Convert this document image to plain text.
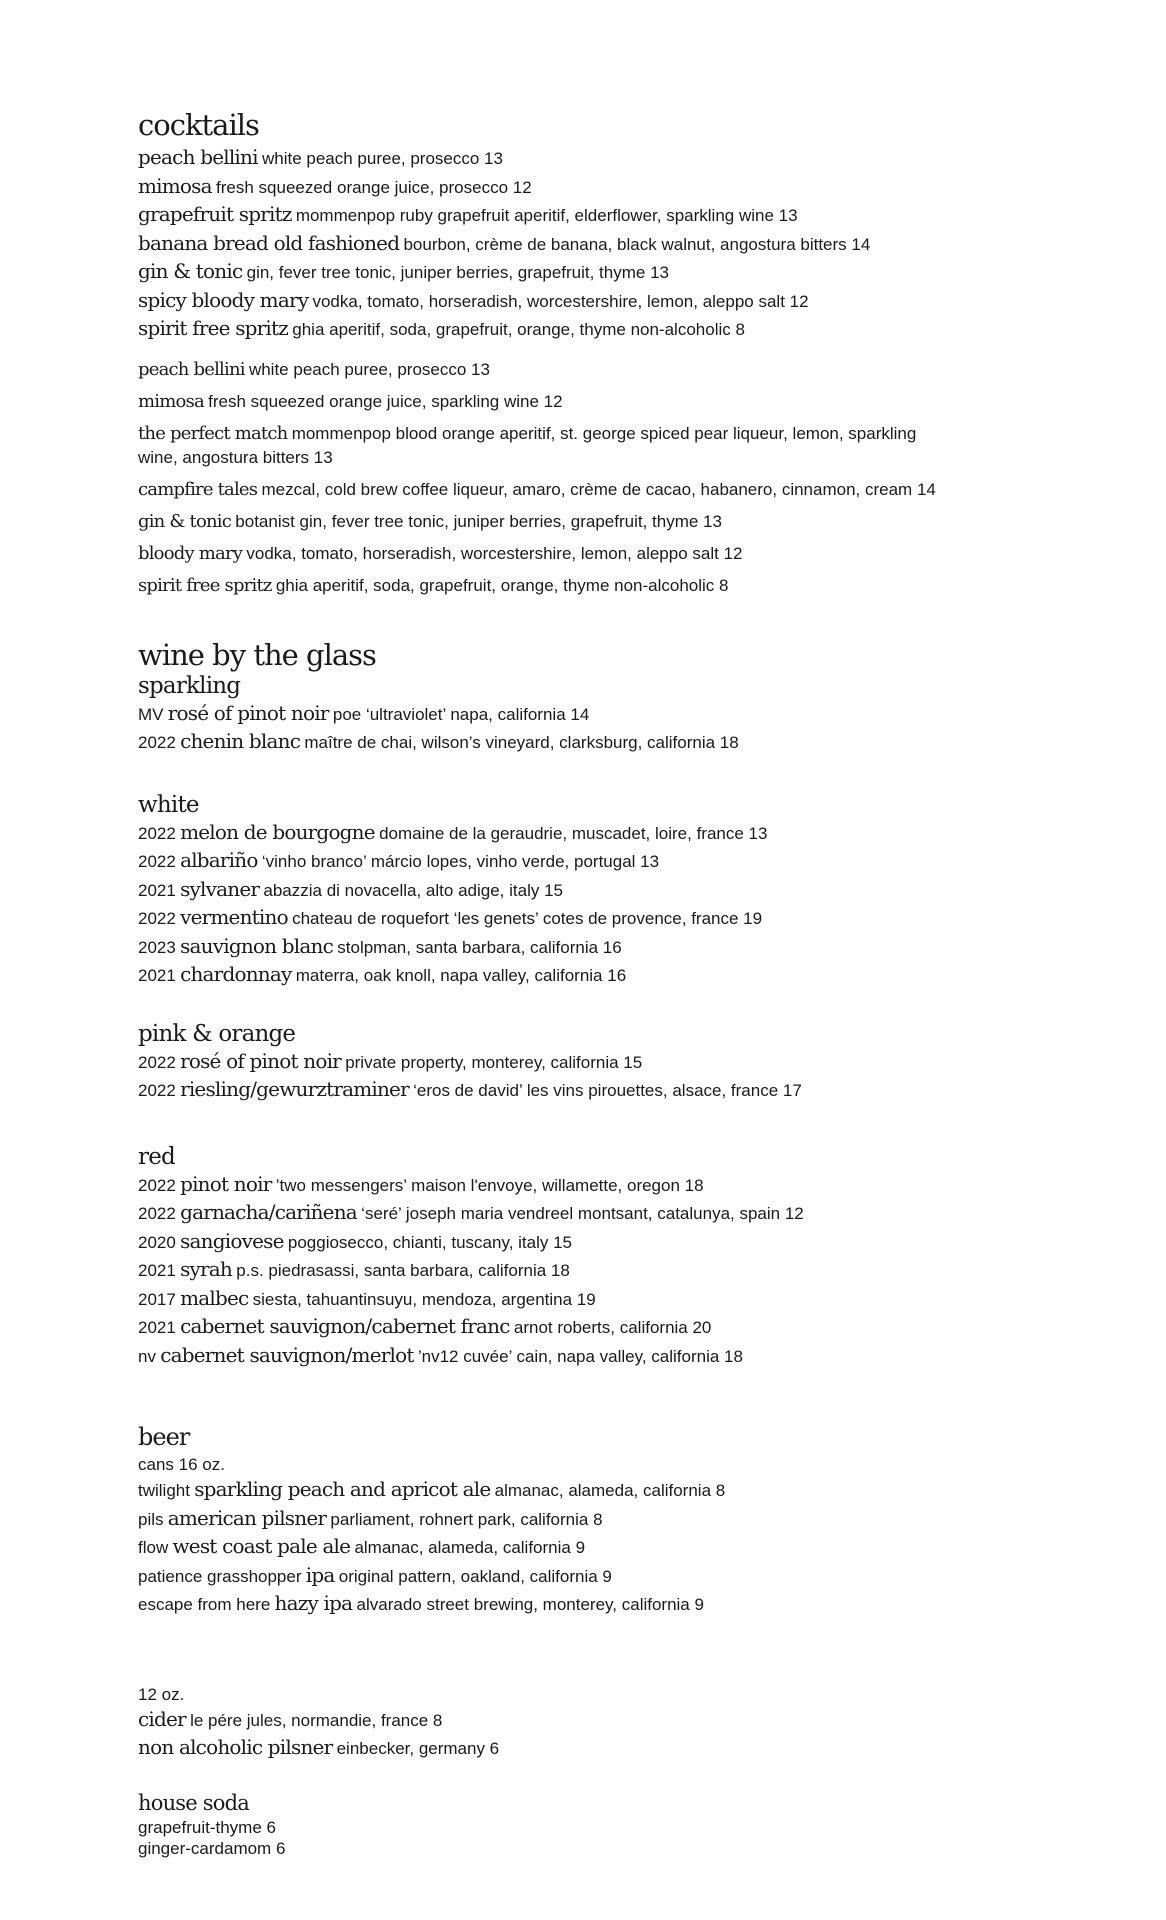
cocktails
peach bellini white peach puree, prosecco 13
mimosa fresh squeezed orange juice, prosecco 12
grapefruit spritz mommenpop ruby grapefruit aperitif, elderflower, sparkling wine 13
banana bread old fashioned bourbon, crème de banana, black walnut, angostura bitters 14
gin & tonic gin, fever tree tonic, juniper berries, grapefruit, thyme 13
spicy bloody mary vodka, tomato, horseradish, worcestershire, lemon, aleppo salt 12
spirit free spritz ghia aperitif, soda, grapefruit, orange, thyme non-alcoholic 8
peach bellini white peach puree, prosecco 13
mimosa fresh squeezed orange juice, sparkling wine 12
the perfect match mommenpop blood orange aperitif, st. george spiced pear liqueur, lemon, sparkling wine, angostura bitters 13
campfire tales mezcal, cold brew coffee liqueur, amaro, crème de cacao, habanero, cinnamon, cream 14
gin & tonic botanist gin, fever tree tonic, juniper berries, grapefruit, thyme 13
bloody mary vodka, tomato, horseradish, worcestershire, lemon, aleppo salt 12
spirit free spritz ghia aperitif, soda, grapefruit, orange, thyme non-alcoholic 8
wine by the glass
sparkling
MV rosé of pinot noir poe ‘ultraviolet’ napa, california 14
2022 chenin blanc maître de chai, wilson’s vineyard, clarksburg, california 18
white
2022 melon de bourgogne domaine de la geraudrie, muscadet, loire, france 13
2022 albariño ‘vinho branco’ márcio lopes, vinho verde, portugal 13
2021 sylvaner abazzia di novacella, alto adige, italy 15
2022 vermentino chateau de roquefort ‘les genets’ cotes de provence, france 19
2023 sauvignon blanc stolpman, santa barbara, california 16
2021 chardonnay materra, oak knoll, napa valley, california 16
pink & orange
2022 rosé of pinot noir private property, monterey, california 15
2022 riesling/gewurztraminer ‘eros de david’ les vins pirouettes, alsace, france 17
red
2022 pinot noir ’two messengers’ maison l'envoye, willamette, oregon 18
2022 garnacha/cariñena ‘seré’ joseph maria vendreel montsant, catalunya, spain 12
2020 sangiovese poggiosecco, chianti, tuscany, italy 15
2021 syrah p.s. piedrasassi, santa barbara, california 18
2017 malbec siesta, tahuantinsuyu, mendoza, argentina 19
2021 cabernet sauvignon/cabernet franc arnot roberts, california 20
nv cabernet sauvignon/merlot ’nv12 cuvée’ cain, napa valley, california 18
beer
cans 16 oz.
twilight sparkling peach and apricot ale almanac, alameda, california 8
pils american pilsner parliament, rohnert park, california 8
flow west coast pale ale almanac, alameda, california 9
patience grasshopper ipa original pattern, oakland, california 9
escape from here hazy ipa alvarado street brewing, monterey, california 9
12 oz.
cider le pére jules, normandie, france 8
non alcoholic pilsner einbecker, germany 6
house soda
grapefruit-thyme 6
ginger-cardamom 6
